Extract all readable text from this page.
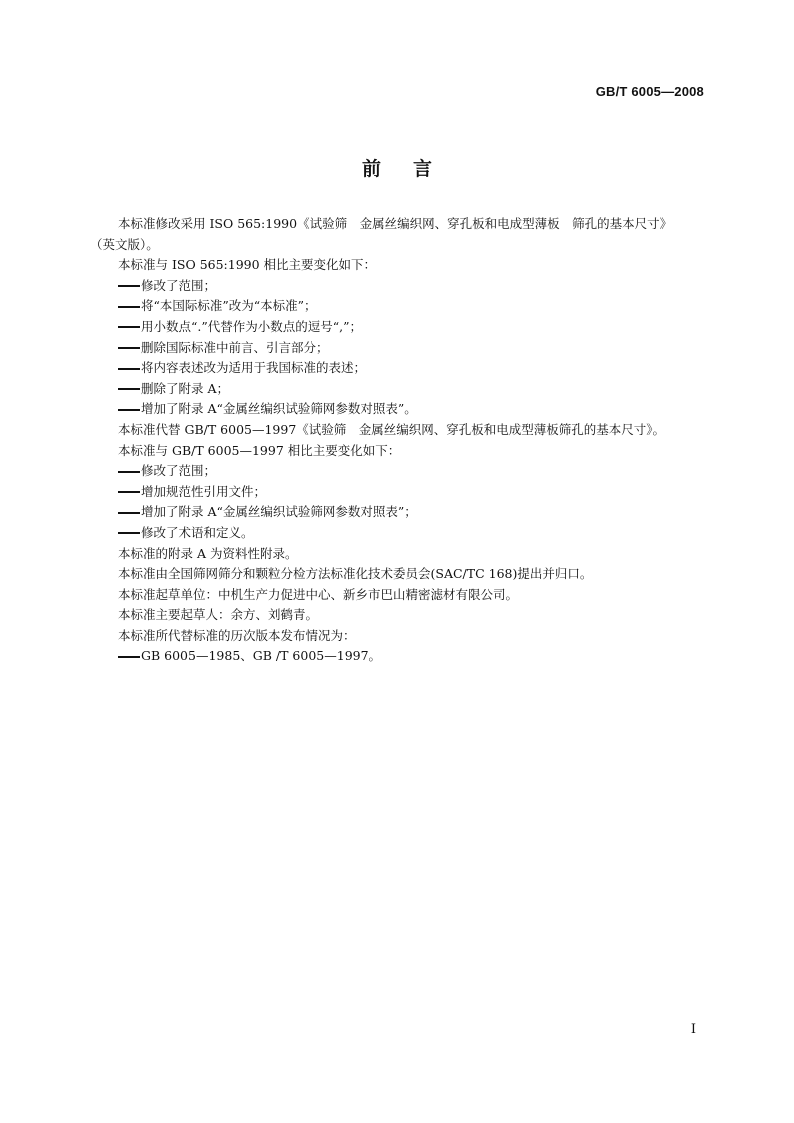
GB/T 6005—2008
前言
本标准修改采用 ISO 565:1990《试验筛　金属丝编织网、穿孔板和电成型薄板　筛孔的基本尺寸》
（英文版）。
本标准与 ISO 565:1990 相比主要变化如下：
修改了范围；
将“本国际标准”改为“本标准”；
用小数点“.”代替作为小数点的逗号“,”；
删除国际标准中前言、引言部分；
将内容表述改为适用于我国标准的表述；
删除了附录 A；
增加了附录 A“金属丝编织试验筛网参数对照表”。
本标准代替 GB/T 6005—1997《试验筛　金属丝编织网、穿孔板和电成型薄板筛孔的基本尺寸》。
本标准与 GB/T 6005—1997 相比主要变化如下：
修改了范围；
增加规范性引用文件；
增加了附录 A“金属丝编织试验筛网参数对照表”；
修改了术语和定义。
本标准的附录 A 为资料性附录。
本标准由全国筛网筛分和颗粒分检方法标准化技术委员会(SAC/TC 168)提出并归口。
本标准起草单位：中机生产力促进中心、新乡市巴山精密滤材有限公司。
本标准主要起草人：余方、刘鹤青。
本标准所代替标准的历次版本发布情况为：
GB 6005—1985、GB /T 6005—1997。
I
